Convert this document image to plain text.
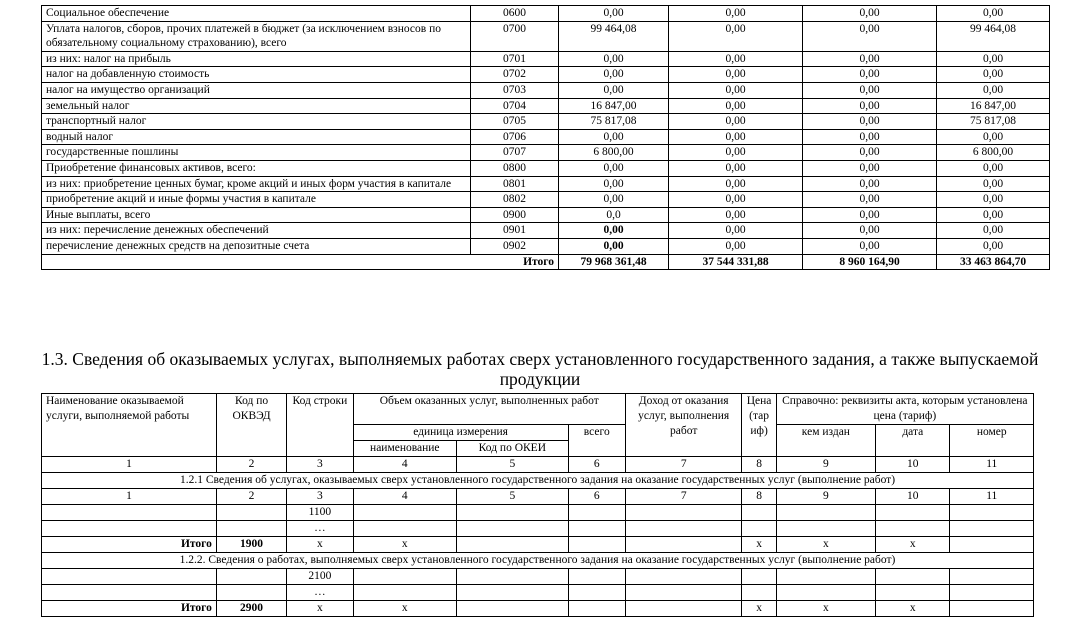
Социальное обеспечение	0600	0,00	0,00	0,00	0,00
Уплата налогов, сборов, прочих платежей в бюджет (за исключением взносов по обязательному социальному страхованию), всего	0700	99 464,08	0,00	0,00	99 464,08
из них: налог на прибыль	0701	0,00	0,00	0,00	0,00
налог на добавленную стоимость	0702	0,00	0,00	0,00	0,00
налог на имущество организаций	0703	0,00	0,00	0,00	0,00
земельный налог	0704	16 847,00	0,00	0,00	16 847,00
транспортный налог	0705	75 817,08	0,00	0,00	75 817,08
водный налог	0706	0,00	0,00	0,00	0,00
государственные пошлины	0707	6 800,00	0,00	0,00	6 800,00
Приобретение финансовых активов, всего:	0800	0,00	0,00	0,00	0,00
из них: приобретение ценных бумаг, кроме акций и иных форм участия в капитале	0801	0,00	0,00	0,00	0,00
приобретение акций и иные формы участия в капитале	0802	0,00	0,00	0,00	0,00
Иные выплаты, всего	0900	0,0	0,00	0,00	0,00
из них: перечисление денежных обеспечений	0901	0,00	0,00	0,00	0,00
перечисление денежных средств на депозитные счета	0902	0,00	0,00	0,00	0,00
Итого		79 968 361,48	37 544 331,88	8 960 164,90	33 463 864,70
1.3. Сведения об оказываемых услугах, выполняемых работах сверх установленного государственного задания, а также выпускаемой продукции
Наименование оказываемой услуги, выполняемой работы	Код по ОКВЭД	Код строки	Объем оказанных услуг, выполненных работ			Доход от оказания услуг, выполнения работ	Цена (тар иф)	Справочно: реквизиты акта, которым установлена цена (тариф)		
			единица измерения		всего			кем издан	дата	номер
			наименование	Код по ОКЕИ						
1	2	3	4	5	6	7	8	9	10	11
1.2.1 Сведения об услугах, оказываемых сверх установленного государственного задания на оказание государственных услуг (выполнение работ)										
1	2	3	4	5	6	7	8	9	10	11
		1100								
		…								
Итого	1900	х	х				х	х	х	
1.2.2. Сведения о работах, выполняемых сверх установленного государственного задания на оказание государственных услуг (выполнение работ)										
		2100								
		…								
Итого	2900	х	х				х	х	х	
